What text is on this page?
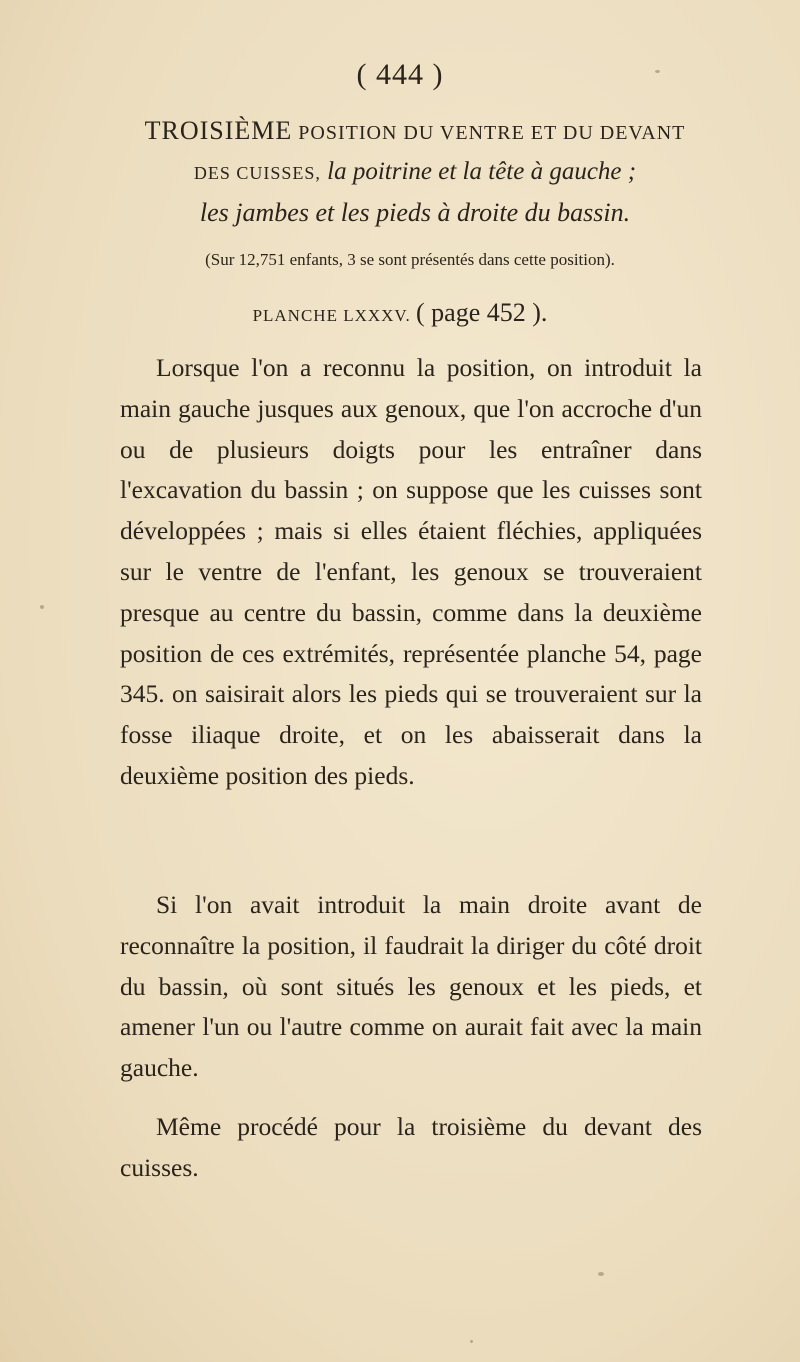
( 444 )
TROISIÈME POSITION DU VENTRE ET DU DEVANT
DES CUISSES, la poitrine et la tête à gauche ;
les jambes et les pieds à droite du bassin.
(Sur 12,751 enfants, 3 se sont présentés dans cette position).
PLANCHE LXXXV. ( page 452 ).

Lorsque l'on a reconnu la position, on introduit la main gauche jusques aux genoux, que l'on accroche d'un ou de plusieurs doigts pour les entraîner dans l'excavation du bassin ; on suppose que les cuisses sont développées ; mais si elles étaient fléchies, appliquées sur le ventre de l'enfant, les genoux se trouveraient presque au centre du bassin, comme dans la deuxième position de ces extrémités, représentée planche 54, page 345. on saisirait alors les pieds qui se trouveraient sur la fosse iliaque droite, et on les abaisserait dans la deuxième position des pieds.

Si l'on avait introduit la main droite avant de reconnaître la position, il faudrait la diriger du côté droit du bassin, où sont situés les genoux et les pieds, et amener l'un ou l'autre comme on aurait fait avec la main gauche.

Même procédé pour la troisième du devant des cuisses.
